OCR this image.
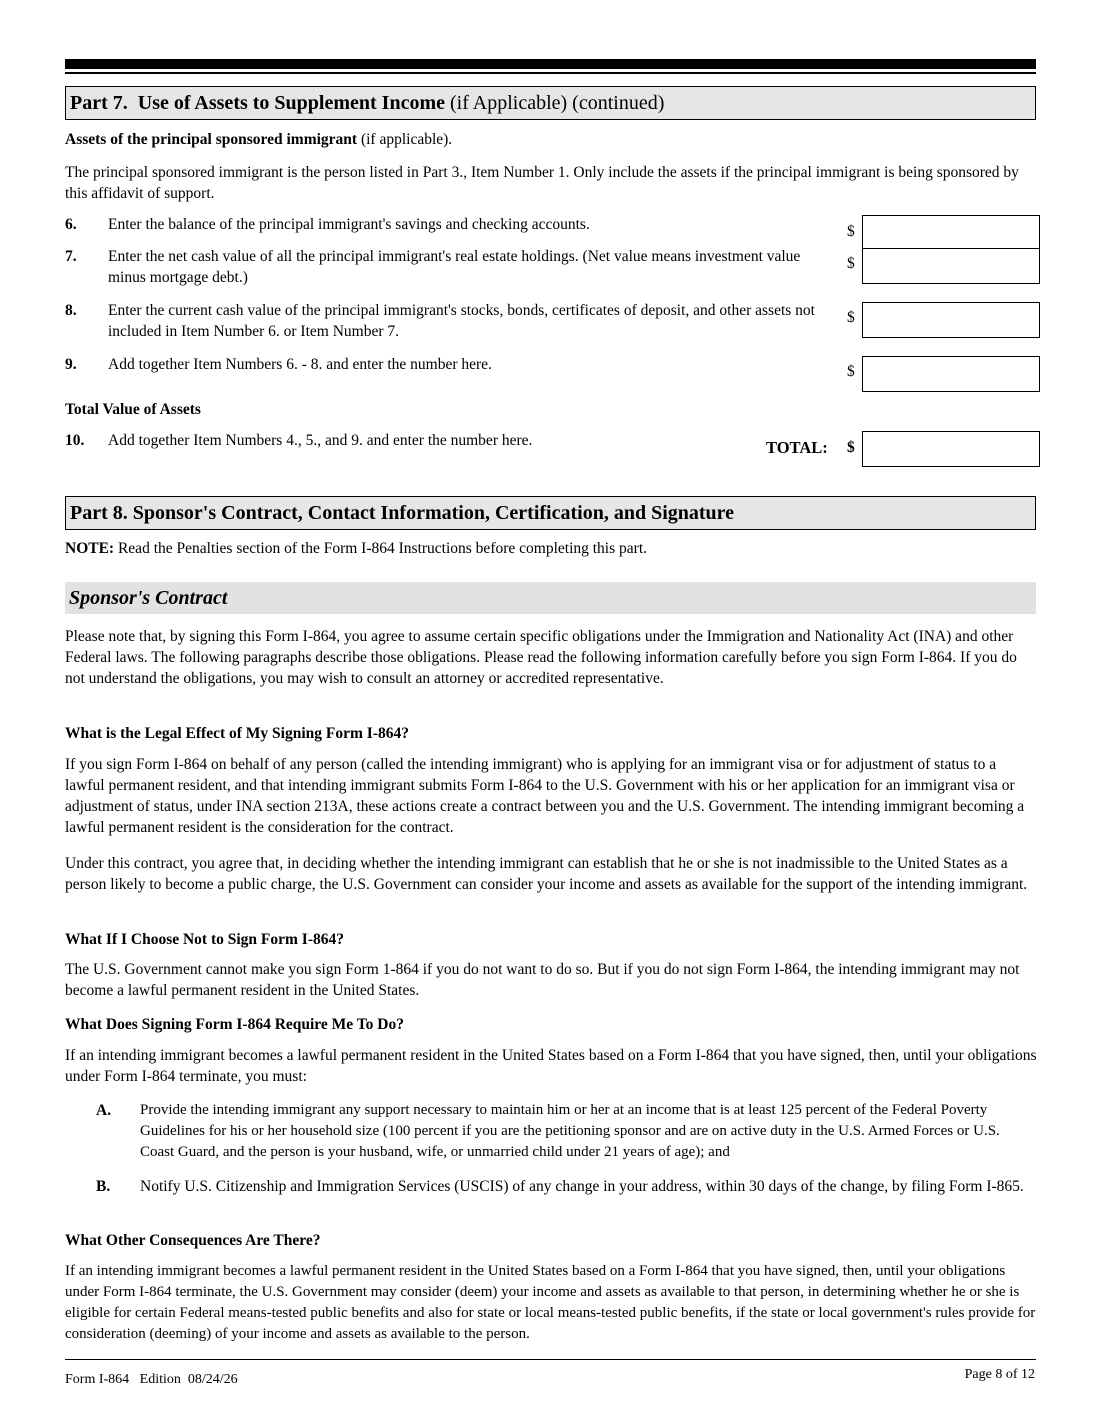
Part 7. Use of Assets to Supplement Income (if Applicable) (continued)
Assets of the principal sponsored immigrant (if applicable).
The principal sponsored immigrant is the person listed in Part 3., Item Number 1. Only include the assets if the principal immigrant is being sponsored by this affidavit of support.
6. Enter the balance of the principal immigrant's savings and checking accounts.	$
7. Enter the net cash value of all the principal immigrant's real estate holdings. (Net value means investment value minus mortgage debt.)
$
8. Enter the current cash value of the principal immigrant's stocks, bonds, certificates of deposit, and other assets not included in Item Number 6. or Item Number 7.
$
9. Add together Item Numbers 6. - 8. and enter the number here.	$
Total Value of Assets
10. Add together Item Numbers 4., 5., and 9. and enter the number here.	TOTAL: $
Part 8. Sponsor's Contract, Contact Information, Certification, and Signature
NOTE: Read the Penalties section of the Form I-864 Instructions before completing this part.
Sponsor's Contract
Please note that, by signing this Form I-864, you agree to assume certain specific obligations under the Immigration and Nationality Act (INA) and other Federal laws. The following paragraphs describe those obligations. Please read the following information carefully before you sign Form I-864. If you do not understand the obligations, you may wish to consult an attorney or accredited representative.
What is the Legal Effect of My Signing Form I-864?
If you sign Form I-864 on behalf of any person (called the intending immigrant) who is applying for an immigrant visa or for adjustment of status to a lawful permanent resident, and that intending immigrant submits Form I-864 to the U.S. Government with his or her application for an immigrant visa or adjustment of status, under INA section 213A, these actions create a contract between you and the U.S. Government. The intending immigrant becoming a lawful permanent resident is the consideration for the contract.
Under this contract, you agree that, in deciding whether the intending immigrant can establish that he or she is not inadmissible to the United States as a person likely to become a public charge, the U.S. Government can consider your income and assets as available for the support of the intending immigrant.
What If I Choose Not to Sign Form I-864?
The U.S. Government cannot make you sign Form 1-864 if you do not want to do so. But if you do not sign Form I-864, the intending immigrant may not become a lawful permanent resident in the United States.
What Does Signing Form I-864 Require Me To Do?
If an intending immigrant becomes a lawful permanent resident in the United States based on a Form I-864 that you have signed, then, until your obligations under Form I-864 terminate, you must:
A. Provide the intending immigrant any support necessary to maintain him or her at an income that is at least 125 percent of the Federal Poverty Guidelines for his or her household size (100 percent if you are the petitioning sponsor and are on active duty in the U.S. Armed Forces or U.S. Coast Guard, and the person is your husband, wife, or unmarried child under 21 years of age); and
B. Notify U.S. Citizenship and Immigration Services (USCIS) of any change in your address, within 30 days of the change, by filing Form I-865.
What Other Consequences Are There?
If an intending immigrant becomes a lawful permanent resident in the United States based on a Form I-864 that you have signed, then, until your obligations under Form I-864 terminate, the U.S. Government may consider (deem) your income and assets as available to that person, in determining whether he or she is eligible for certain Federal means-tested public benefits and also for state or local means-tested public benefits, if the state or local government's rules provide for consideration (deeming) of your income and assets as available to the person.
Form I-864   Edition  08/24/26	Page 8 of 12
